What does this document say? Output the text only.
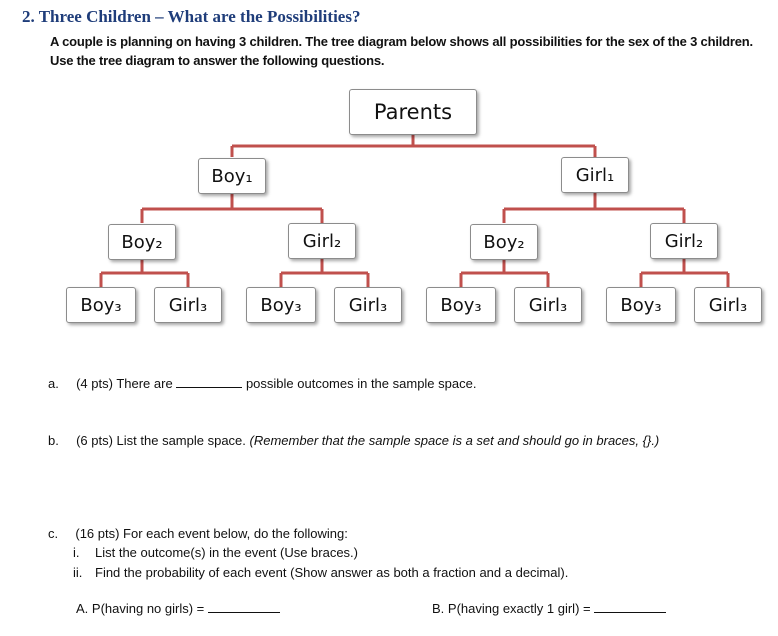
2. Three Children – What are the Possibilities?
A couple is planning on having 3 children. The tree diagram below shows all possibilities for the sex of the 3 children. Use the tree diagram to answer the following questions.
Parents
Boy₁	Girl₁
Boy₂	Girl₂	Boy₂	Girl₂
Boy₃	Girl₃	Boy₃	Girl₃	Boy₃	Girl₃	Boy₃	Girl₃
a. (4 pts) There are	possible outcomes in the sample space.
b. (6 pts) List the sample space. (Remember that the sample space is a set and should go in braces, {}.)
c. (16 pts) For each event below, do the following:
i. List the outcome(s) in the event (Use braces.)
ii. Find the probability of each event (Show answer as both a fraction and a decimal).
A. P(having no girls) =	B. P(having exactly 1 girl) =
